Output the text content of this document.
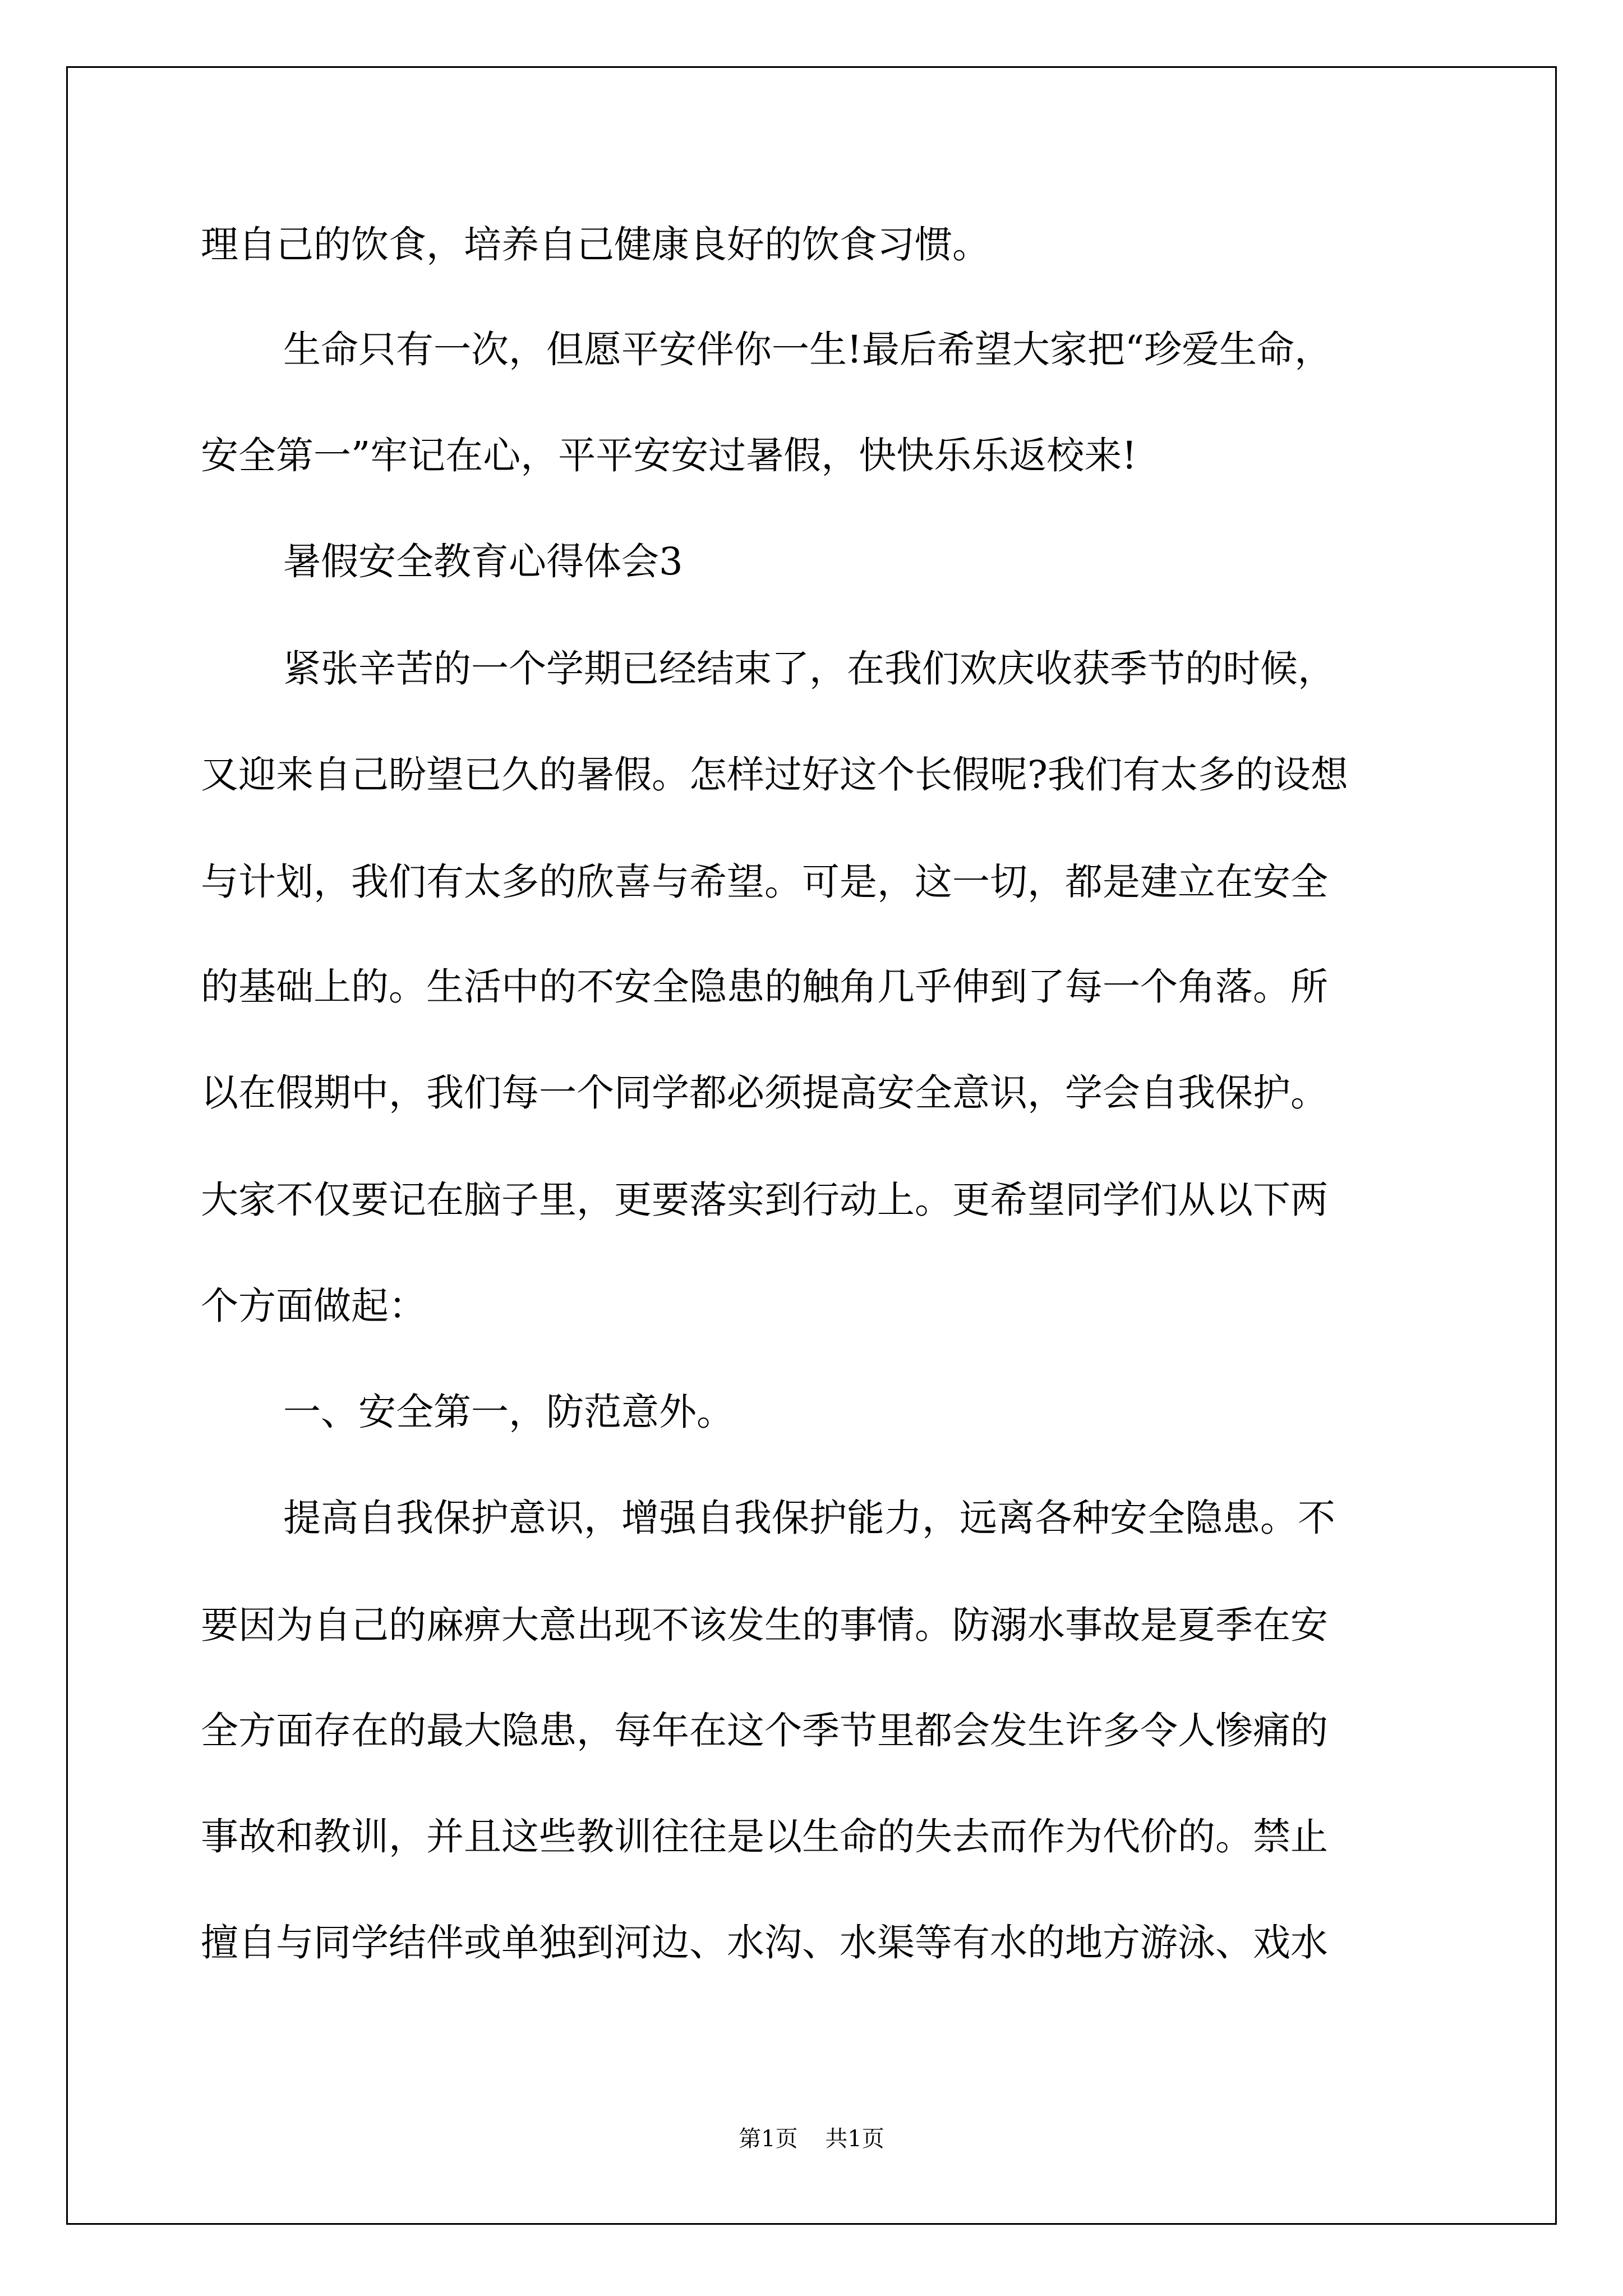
理自己的饮食，培养自己健康良好的饮食习惯。

生命只有一次，但愿平安伴你一生!最后希望大家把“珍爱生命，

安全第一”牢记在心，平平安安过暑假，快快乐乐返校来!

暑假安全教育心得体会3

紧张辛苦的一个学期已经结束了，在我们欢庆收获季节的时候，

又迎来自己盼望已久的暑假。怎样过好这个长假呢?我们有太多的设想

与计划，我们有太多的欣喜与希望。可是，这一切，都是建立在安全

的基础上的。生活中的不安全隐患的触角几乎伸到了每一个角落。所

以在假期中，我们每一个同学都必须提高安全意识，学会自我保护。

大家不仅要记在脑子里，更要落实到行动上。更希望同学们从以下两

个方面做起：

一、安全第一，防范意外。

提高自我保护意识，增强自我保护能力，远离各种安全隐患。不

要因为自己的麻痹大意出现不该发生的事情。防溺水事故是夏季在安

全方面存在的最大隐患，每年在这个季节里都会发生许多令人惨痛的

事故和教训，并且这些教训往往是以生命的失去而作为代价的。禁止

擅自与同学结伴或单独到河边、水沟、水渠等有水的地方游泳、戏水

第1页 共1页
